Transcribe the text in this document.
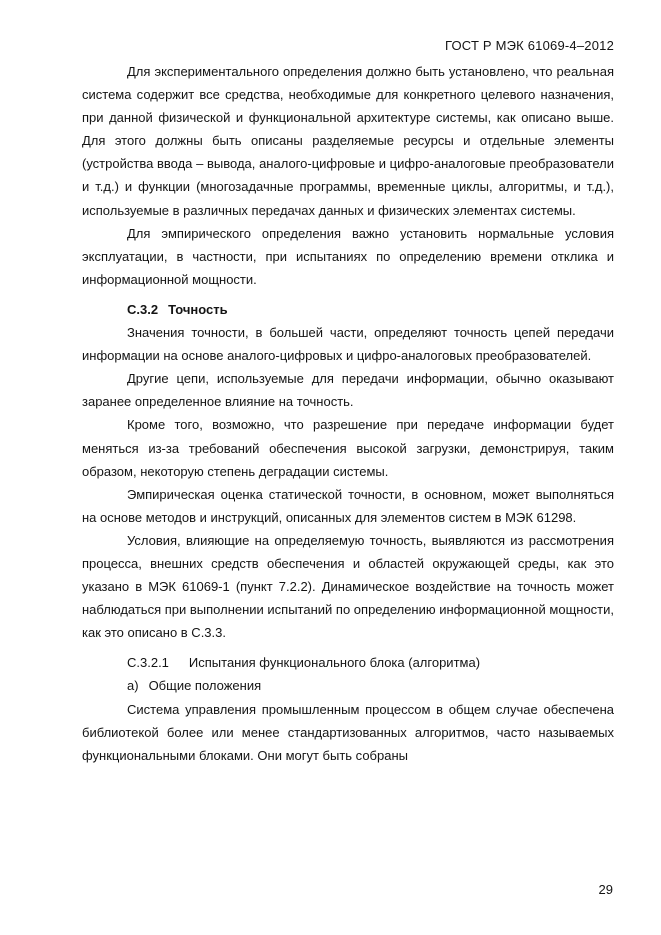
ГОСТ Р МЭК 61069-4–2012

Для экспериментального определения должно быть установлено, что реальная система содержит все средства, необходимые для конкретного целевого назначения, при данной физической и функциональной архитектуре системы, как описано выше. Для этого должны быть описаны разделяемые ресурсы и отдельные элементы (устройства ввода – вывода, аналого-цифровые и цифро-аналоговые преобразователи и т.д.) и функции (многозадачные программы, временные циклы, алгоритмы, и т.д.), используемые в различных передачах данных и физических элементах системы.

Для эмпирического определения важно установить нормальные условия эксплуатации, в частности, при испытаниях по определению времени отклика и информационной мощности.

С.3.2 Точность

Значения точности, в большей части, определяют точность цепей передачи информации на основе аналого-цифровых и цифро-аналоговых преобразователей.

Другие цепи, используемые для передачи информации, обычно оказывают заранее определенное влияние на точность.

Кроме того, возможно, что разрешение при передаче информации будет меняться из-за требований обеспечения высокой загрузки, демонстрируя, таким образом, некоторую степень деградации системы.

Эмпирическая оценка статической точности, в основном, может выполняться на основе методов и инструкций, описанных для элементов систем в МЭК 61298.

Условия, влияющие на определяемую точность, выявляются из рассмотрения процесса, внешних средств обеспечения и областей окружающей среды, как это указано в МЭК 61069-1 (пункт 7.2.2). Динамическое воздействие на точность может наблюдаться при выполнении испытаний по определению информационной мощности, как это описано в С.3.3.

С.3.2.1 Испытания функционального блока (алгоритма)
а) Общие положения

Система управления промышленным процессом в общем случае обеспечена библиотекой более или менее стандартизованных алгоритмов, часто называемых функциональными блоками. Они могут быть собраны

29
